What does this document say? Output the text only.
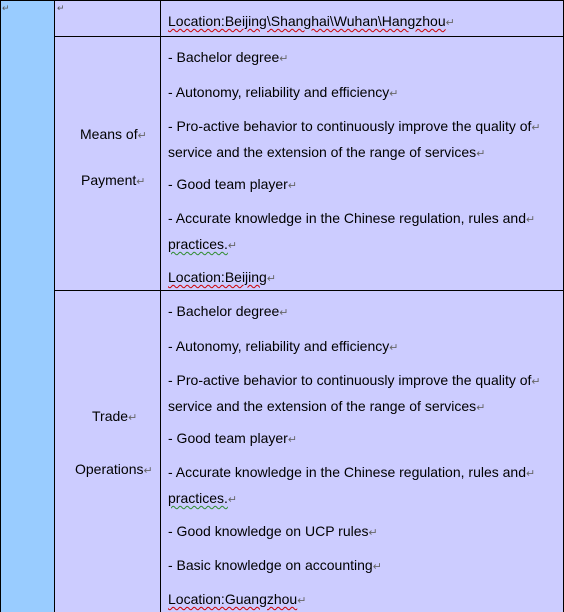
↵	↵
Location:Beijing\Shanghai\Wuhan\Hangzhou↵
Means of↵
Payment↵
- Bachelor degree↵
- Autonomy, reliability and efficiency↵
- Pro-active behavior to continuously improve the quality of↵
service and the extension of the range of services↵
- Good team player↵
- Accurate knowledge in the Chinese regulation, rules and↵
practices.↵
Location:Beijing↵
Trade↵
Operations↵
- Bachelor degree↵
- Autonomy, reliability and efficiency↵
- Pro-active behavior to continuously improve the quality of↵
service and the extension of the range of services↵
- Good team player↵
- Accurate knowledge in the Chinese regulation, rules and↵
practices.↵
- Good knowledge on UCP rules↵
- Basic knowledge on accounting↵
Location:Guangzhou↵
